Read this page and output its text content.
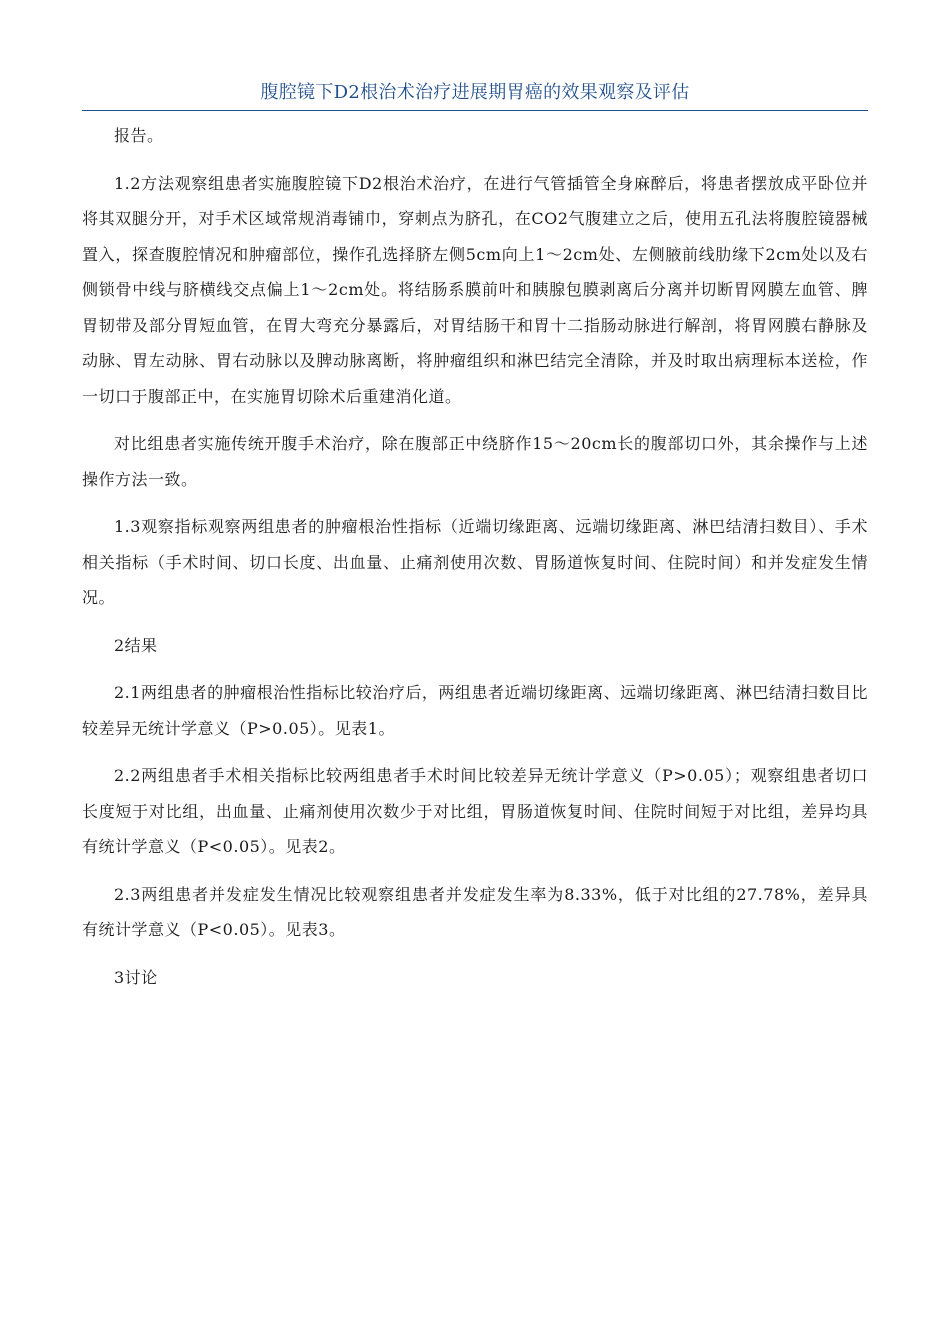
腹腔镜下D2根治术治疗进展期胃癌的效果观察及评估

报告。

1.2方法观察组患者实施腹腔镜下D2根治术治疗，在进行气管插管全身麻醉后，将患者摆放成平卧位并将其双腿分开，对手术区域常规消毒铺巾，穿刺点为脐孔，在CO2气腹建立之后，使用五孔法将腹腔镜器械置入，探查腹腔情况和肿瘤部位，操作孔选择脐左侧5cm向上1～2cm处、左侧腋前线肋缘下2cm处以及右侧锁骨中线与脐横线交点偏上1～2cm处。将结肠系膜前叶和胰腺包膜剥离后分离并切断胃网膜左血管、脾胃韧带及部分胃短血管，在胃大弯充分暴露后，对胃结肠干和胃十二指肠动脉进行解剖，将胃网膜右静脉及动脉、胃左动脉、胃右动脉以及脾动脉离断，将肿瘤组织和淋巴结完全清除，并及时取出病理标本送检，作一切口于腹部正中，在实施胃切除术后重建消化道。

对比组患者实施传统开腹手术治疗，除在腹部正中绕脐作15～20cm长的腹部切口外，其余操作与上述操作方法一致。

1.3观察指标观察两组患者的肿瘤根治性指标（近端切缘距离、远端切缘距离、淋巴结清扫数目）、手术相关指标（手术时间、切口长度、出血量、止痛剂使用次数、胃肠道恢复时间、住院时间）和并发症发生情况。

2结果

2.1两组患者的肿瘤根治性指标比较治疗后，两组患者近端切缘距离、远端切缘距离、淋巴结清扫数目比较差异无统计学意义（P>0.05）。见表1。

2.2两组患者手术相关指标比较两组患者手术时间比较差异无统计学意义（P>0.05）；观察组患者切口长度短于对比组，出血量、止痛剂使用次数少于对比组，胃肠道恢复时间、住院时间短于对比组，差异均具有统计学意义（P<0.05）。见表2。

2.3两组患者并发症发生情况比较观察组患者并发症发生率为8.33%，低于对比组的27.78%，差异具有统计学意义（P<0.05）。见表3。

3讨论
